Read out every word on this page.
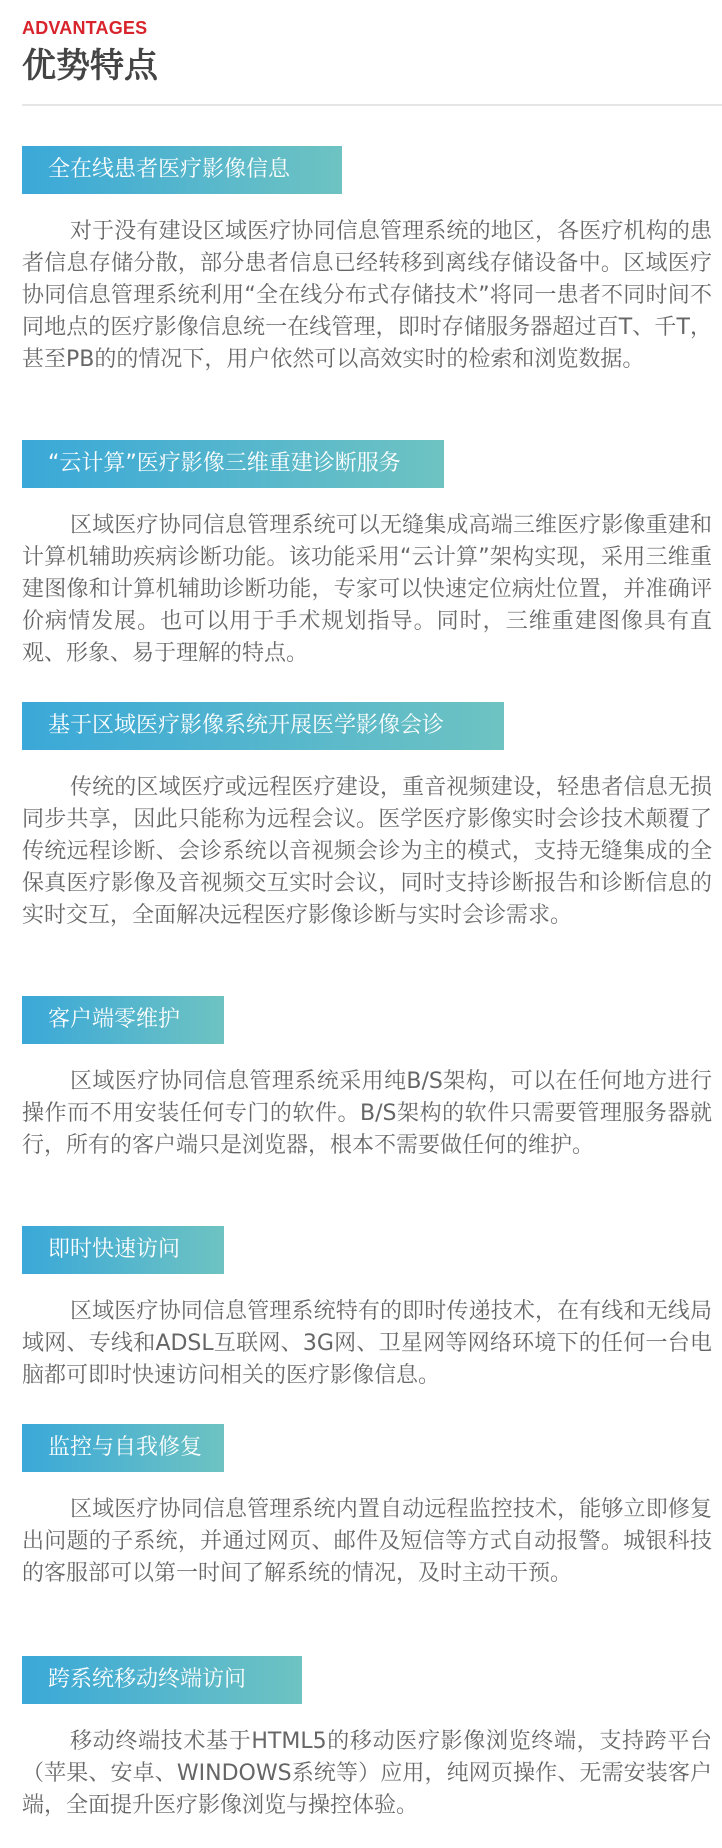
ADVANTAGES
优势特点
全在线患者医疗影像信息

对于没有建设区域医疗协同信息管理系统的地区，各医疗机构的患者信息存储分散，部分患者信息已经转移到离线存储设备中。区域医疗协同信息管理系统利用“全在线分布式存储技术”将同一患者不同时间不同地点的医疗影像信息统一在线管理，即时存储服务器超过百T、千T，甚至PB的的情况下，用户依然可以高效实时的检索和浏览数据。

“云计算”医疗影像三维重建诊断服务

区域医疗协同信息管理系统可以无缝集成高端三维医疗影像重建和计算机辅助疾病诊断功能。该功能采用“云计算”架构实现，采用三维重建图像和计算机辅助诊断功能，专家可以快速定位病灶位置，并准确评价病情发展。也可以用于手术规划指导。同时，三维重建图像具有直观、形象、易于理解的特点。

基于区域医疗影像系统开展医学影像会诊

传统的区域医疗或远程医疗建设，重音视频建设，轻患者信息无损同步共享，因此只能称为远程会议。医学医疗影像实时会诊技术颠覆了传统远程诊断、会诊系统以音视频会诊为主的模式，支持无缝集成的全保真医疗影像及音视频交互实时会议，同时支持诊断报告和诊断信息的实时交互，全面解决远程医疗影像诊断与实时会诊需求。

客户端零维护

区域医疗协同信息管理系统采用纯B/S架构，可以在任何地方进行操作而不用安装任何专门的软件。B/S架构的软件只需要管理服务器就行，所有的客户端只是浏览器，根本不需要做任何的维护。

即时快速访问

区域医疗协同信息管理系统特有的即时传递技术，在有线和无线局域网、专线和ADSL互联网、3G网、卫星网等网络环境下的任何一台电脑都可即时快速访问相关的医疗影像信息。

监控与自我修复

区域医疗协同信息管理系统内置自动远程监控技术，能够立即修复出问题的子系统，并通过网页、邮件及短信等方式自动报警。城银科技的客服部可以第一时间了解系统的情况，及时主动干预。

跨系统移动终端访问

移动终端技术基于HTML5的移动医疗影像浏览终端，支持跨平台（苹果、安卓、WINDOWS系统等）应用，纯网页操作、无需安装客户端，全面提升医疗影像浏览与操控体验。
